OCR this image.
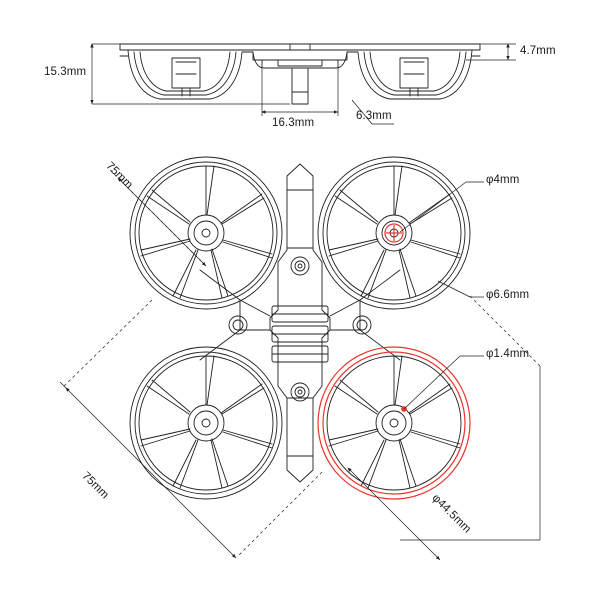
15.3mm
4.7mm
16.3mm
6.3mm
75mm
75mm
φ4mm
φ6.6mm
φ1.4mm
φ44.5mm
